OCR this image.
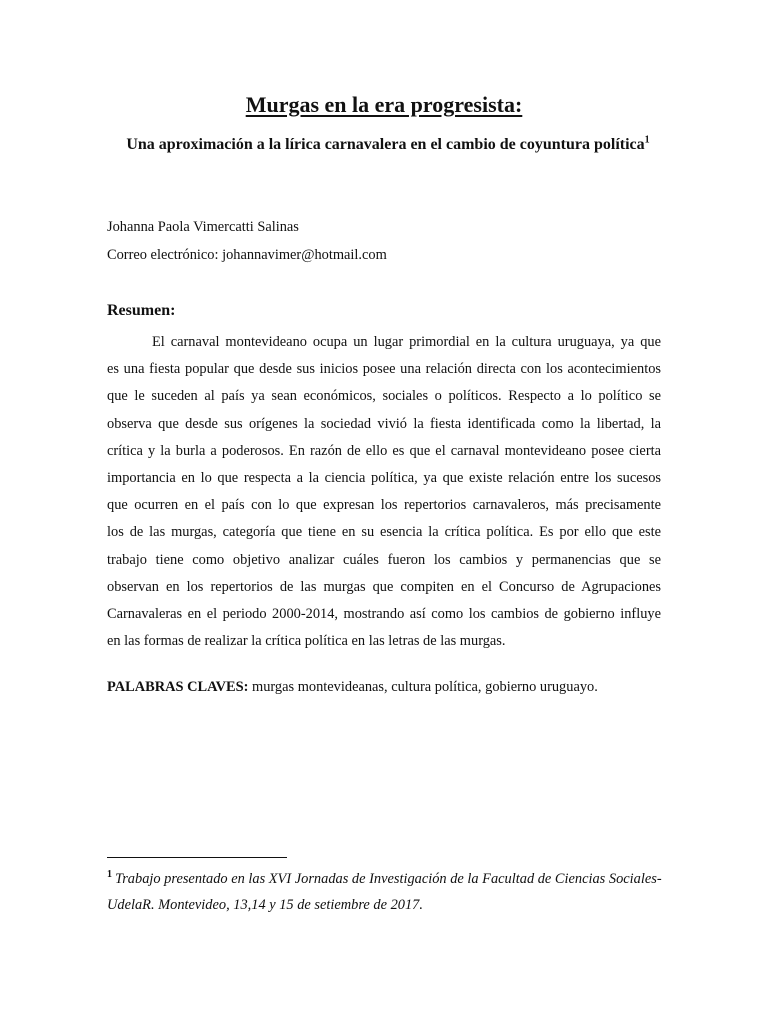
Murgas en la era progresista:

Una aproximación a la lírica carnavalera en el cambio de coyuntura política$^1$

Johanna Paola Vimercatti Salinas

Correo electrónico: johannavimer@hotmail.com

Resumen:
El carnaval montevideano ocupa un lugar primordial en la cultura uruguaya, ya que
es una fiesta popular que desde sus inicios posee una relación directa con los acontecimientos
que le suceden al país ya sean económicos, sociales o políticos. Respecto a lo político se
observa que desde sus orígenes la sociedad vivió la fiesta identificada como la libertad, la
crítica y la burla a poderosos. En razón de ello es que el carnaval montevideano posee cierta
importancia en lo que respecta a la ciencia política, ya que existe relación entre los sucesos
que ocurren en el país con lo que expresan los repertorios carnavaleros, más precisamente
los de las murgas, categoría que tiene en su esencia la crítica política. Es por ello que este
trabajo tiene como objetivo analizar cuáles fueron los cambios y permanencias que se
observan en los repertorios de las murgas que compiten en el Concurso de Agrupaciones
Carnavaleras en el periodo 2000-2014, mostrando así como los cambios de gobierno influye
en las formas de realizar la crítica política en las letras de las murgas.

PALABRAS CLAVES: murgas montevideanas, cultura política, gobierno uruguayo.

$^1$ Trabajo presentado en las XVI Jornadas de Investigación de la Facultad de Ciencias Sociales-UdelaR. Montevideo, 13,14 y 15 de setiembre de 2017.
